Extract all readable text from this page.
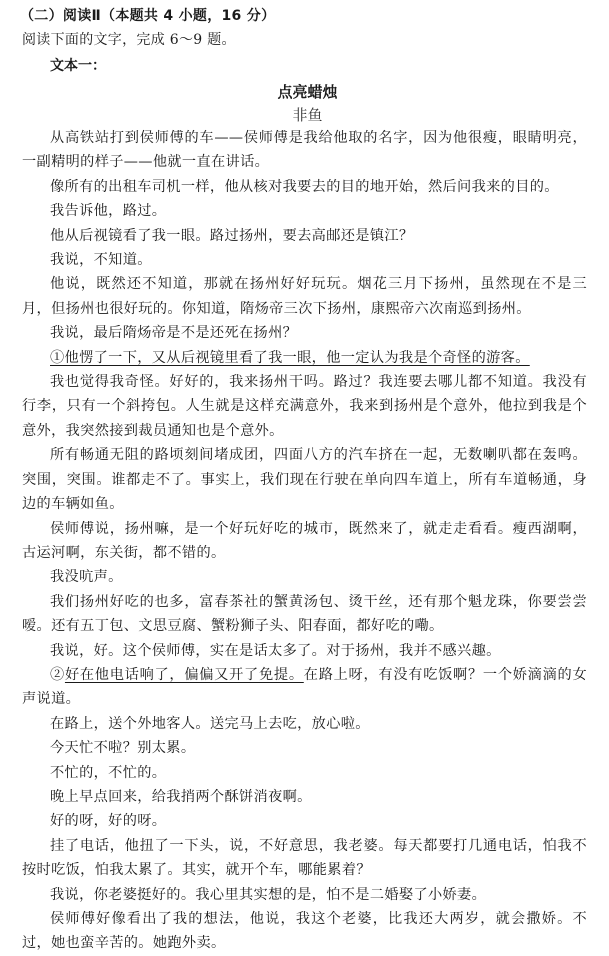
（二）阅读Ⅱ（本题共 4 小题，16 分）
阅读下面的文字，完成 6～9 题。
文本一：
点亮蜡烛
非鱼

从高铁站打到侯师傅的车——侯师傅是我给他取的名字，因为他很瘦，眼睛明亮，一副精明的样子——他就一直在讲话。

像所有的出租车司机一样，他从核对我要去的目的地开始，然后问我来的目的。

我告诉他，路过。

他从后视镜看了我一眼。路过扬州，要去高邮还是镇江？

我说，不知道。

他说，既然还不知道，那就在扬州好好玩玩。烟花三月下扬州，虽然现在不是三月，但扬州也很好玩的。你知道，隋炀帝三次下扬州，康熙帝六次南巡到扬州。

我说，最后隋炀帝是不是还死在扬州？

①他愣了一下，又从后视镜里看了我一眼，他一定认为我是个奇怪的游客。

我也觉得我奇怪。好好的，我来扬州干吗。路过？我连要去哪儿都不知道。我没有行李，只有一个斜挎包。人生就是这样充满意外，我来到扬州是个意外，他拉到我是个意外，我突然接到裁员通知也是个意外。

所有畅通无阻的路顷刻间堵成团，四面八方的汽车挤在一起，无数喇叭都在轰鸣。突围，突围。谁都走不了。事实上，我们现在行驶在单向四车道上，所有车道畅通，身边的车辆如鱼。

侯师傅说，扬州嘛，是一个好玩好吃的城市，既然来了，就走走看看。瘦西湖啊，古运河啊，东关街，都不错的。

我没吭声。

我们扬州好吃的也多，富春茶社的蟹黄汤包、烫干丝，还有那个魁龙珠，你要尝尝嗳。还有五丁包、文思豆腐、蟹粉狮子头、阳春面，都好吃的嘞。

我说，好。这个侯师傅，实在是话太多了。对于扬州，我并不感兴趣。

②好在他电话响了，偏偏又开了免提。在路上呀，有没有吃饭啊？一个娇滴滴的女声说道。

在路上，送个外地客人。送完马上去吃，放心啦。

今天忙不啦？别太累。

不忙的，不忙的。

晚上早点回来，给我捎两个酥饼消夜啊。

好的呀，好的呀。

挂了电话，他扭了一下头，说，不好意思，我老婆。每天都要打几通电话，怕我不按时吃饭，怕我太累了。其实，就开个车，哪能累着？

我说，你老婆挺好的。我心里其实想的是，怕不是二婚娶了小娇妻。

侯师傅好像看出了我的想法，他说，我这个老婆，比我还大两岁，就会撒娇。不过，她也蛮辛苦的。她跑外卖。
